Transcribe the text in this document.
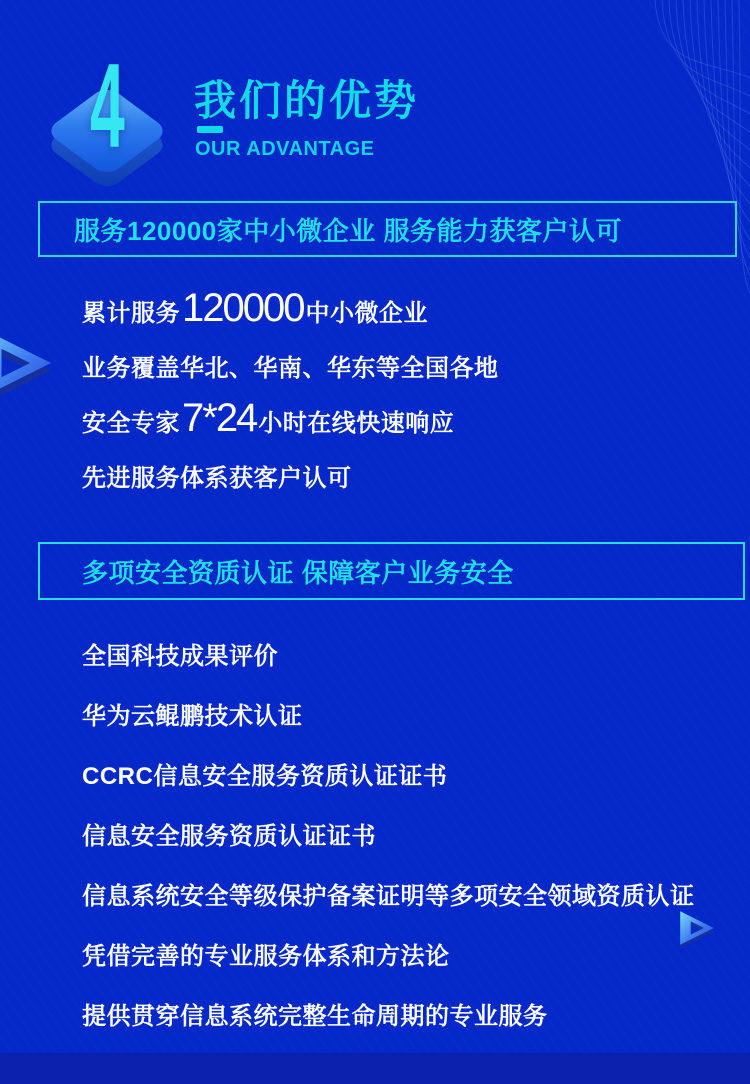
4 我们的优势
OUR ADVANTAGE
服务120000家中小微企业 服务能力获客户认可
累计服务 120000 中小微企业
业务覆盖华北、华南、华东等全国各地
安全专家 7*24 小时在线快速响应
先进服务体系获客户认可
多项安全资质认证 保障客户业务安全
全国科技成果评价
华为云鲲鹏技术认证
CCRC信息安全服务资质认证证书
信息安全服务资质认证证书
信息系统安全等级保护备案证明等多项安全领域资质认证
凭借完善的专业服务体系和方法论
提供贯穿信息系统完整生命周期的专业服务
